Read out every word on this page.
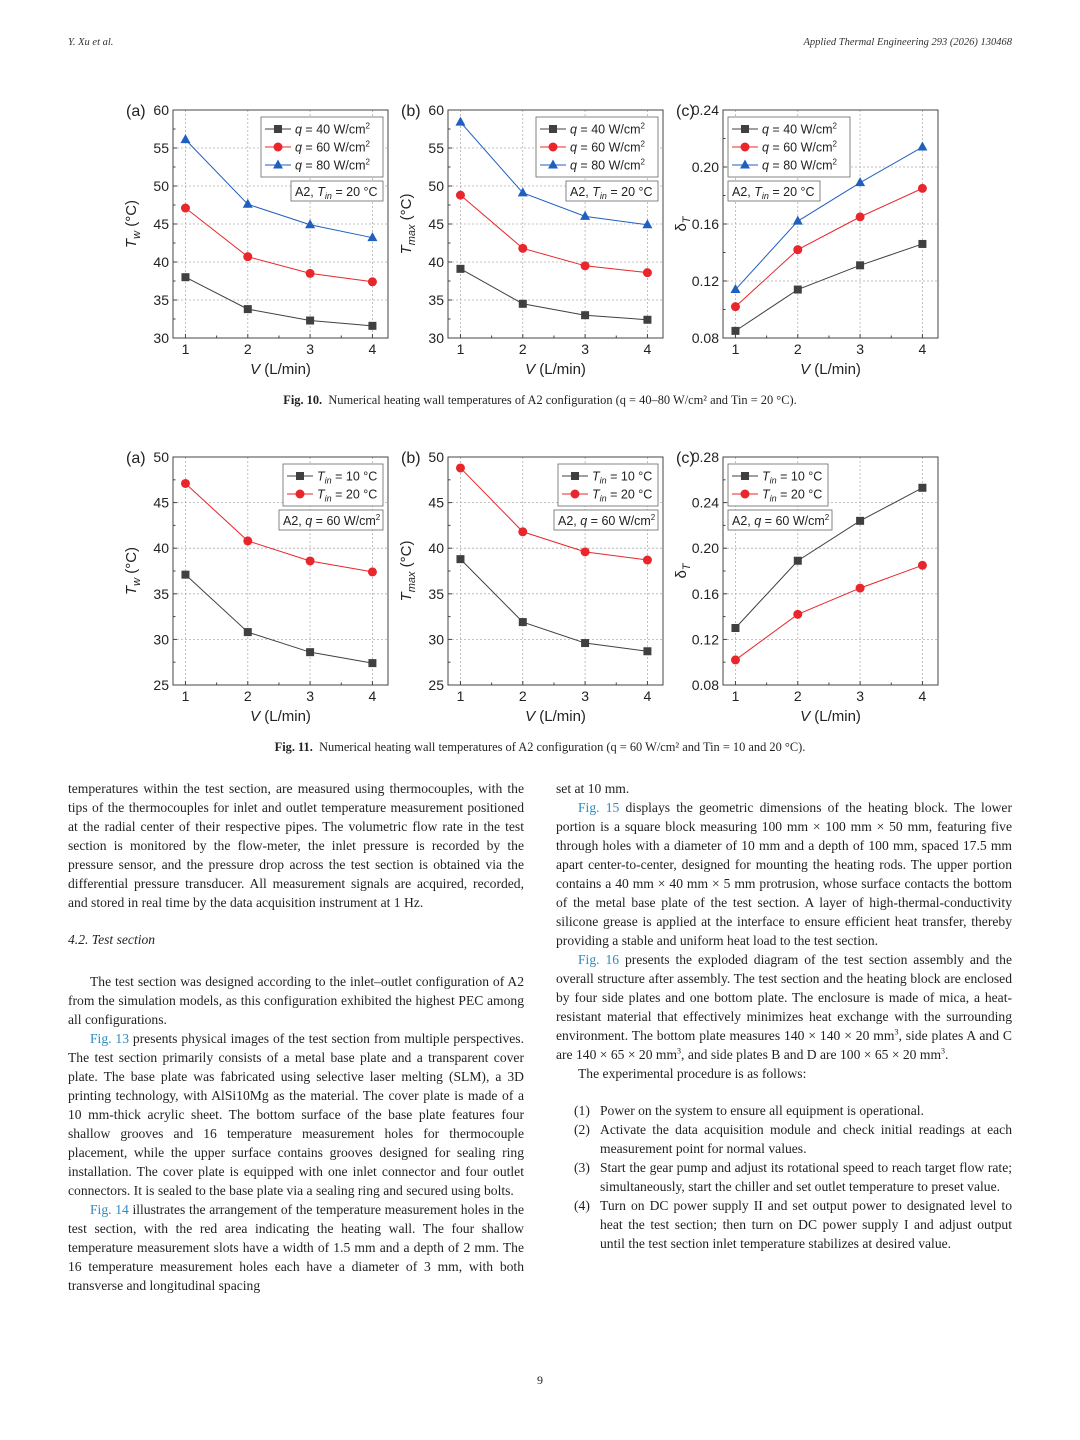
Y. Xu et al.	Applied Thermal Engineering 293 (2026) 130468
30
35
40
45
50
55
60
1	2	3	4
(a)
V (L/min)
$T_w$ (°C)
q = 40 $W/cm^2$
q = 60 $W/cm^2$
q = 80 $W/cm^2$
A2, $T_{in} = 20$ °C
30
35
40
45
50
55
60
1	2	3	4
(b)
V (L/min)
$T_{max}$ (°C)
q = 40 $W/cm^2$
q = 60 $W/cm^2$
q = 80 $W/cm^2$
A2, $T_{in} = 20$ °C
0.08
0.12
0.16
0.20
0.24
1	2	3	4
(c)
V (L/min)
$\delta_T$
q = 40 $W/cm^2$
q = 60 $W/cm^2$
q = 80 $W/cm^2$
A2, $T_{in} = 20$ °C
Fig. 10. Numerical heating wall temperatures of A2 configuration (q = 40–80 W/cm² and Tin = 20 °C).
25
30
35
40
45
50
1	2	3	4
(a)
V (L/min)
$T_w$ (°C)
$T_{in} = 10$ °C
$T_{in} = 20$ °C
A2, q = 60 $W/cm^2$
25
30
35
40
45
50
1	2	3	4
(b)
V (L/min)
$T_{max}$ (°C)
$T_{in} = 10$ °C
$T_{in} = 20$ °C
A2, q = 60 $W/cm^2$
0.08
0.12
0.16
0.20
0.24
0.28
1	2	3	4
(c)
V (L/min)
$\delta_T$
$T_{in} = 10$ °C
$T_{in} = 20$ °C
A2, q = 60 $W/cm^2$
Fig. 11. Numerical heating wall temperatures of A2 configuration (q = 60 W/cm² and Tin = 10 and 20 °C).

temperatures within the test section, are measured using thermocouples, with the tips of the thermocouples for inlet and outlet temperature measurement positioned at the radial center of their respective pipes. The volumetric flow rate in the test section is monitored by the flow-meter, the inlet pressure is recorded by the pressure sensor, and the pressure drop across the test section is obtained via the differential pressure transducer. All measurement signals are acquired, recorded, and stored in real time by the data acquisition instrument at 1 Hz.

4.2. Test section

The test section was designed according to the inlet–outlet configuration of A2 from the simulation models, as this configuration exhibited the highest PEC among all configurations.

Fig. 13 presents physical images of the test section from multiple perspectives. The test section primarily consists of a metal base plate and a transparent cover plate. The base plate was fabricated using selective laser melting (SLM), a 3D printing technology, with AlSi10Mg as the material. The cover plate is made of a 10 mm-thick acrylic sheet. The bottom surface of the base plate features four shallow grooves and 16 temperature measurement holes for thermocouple placement, while the upper surface contains grooves designed for sealing ring installation. The cover plate is equipped with one inlet connector and four outlet connectors. It is sealed to the base plate via a sealing ring and secured using bolts.

Fig. 14 illustrates the arrangement of the temperature measurement holes in the test section, with the red area indicating the heating wall. The four shallow temperature measurement slots have a width of 1.5 mm and a depth of 2 mm. The 16 temperature measurement holes each have a diameter of 3 mm, with both transverse and longitudinal spacing

set at 10 mm.

Fig. 15 displays the geometric dimensions of the heating block. The lower portion is a square block measuring 100 mm × 100 mm × 50 mm, featuring five through holes with a diameter of 10 mm and a depth of 100 mm, spaced 17.5 mm apart center-to-center, designed for mounting the heating rods. The upper portion contains a 40 mm × 40 mm × 5 mm protrusion, whose surface contacts the bottom of the metal base plate of the test section. A layer of high-thermal-conductivity silicone grease is applied at the interface to ensure efficient heat transfer, thereby providing a stable and uniform heat load to the test section.

Fig. 16 presents the exploded diagram of the test section assembly and the overall structure after assembly. The test section and the heating block are enclosed by four side plates and one bottom plate. The enclosure is made of mica, a heat-resistant material that effectively minimizes heat exchange with the surrounding environment. The bottom plate measures 140 × 140 × 20 $mm^3$, side plates A and C are 140 × 65 × 20 $mm^3$, and side plates B and D are 100 × 65 × 20 $mm^3$.

The experimental procedure is as follows:

(1) Power on the system to ensure all equipment is operational.
(2) Activate the data acquisition module and check initial readings at each measurement point for normal values.
(3) Start the gear pump and adjust its rotational speed to reach target flow rate; simultaneously, start the chiller and set outlet temperature to preset value.
(4) Turn on DC power supply II and set output power to designated level to heat the test section; then turn on DC power supply I and adjust output until the test section inlet temperature stabilizes at desired value.
9
